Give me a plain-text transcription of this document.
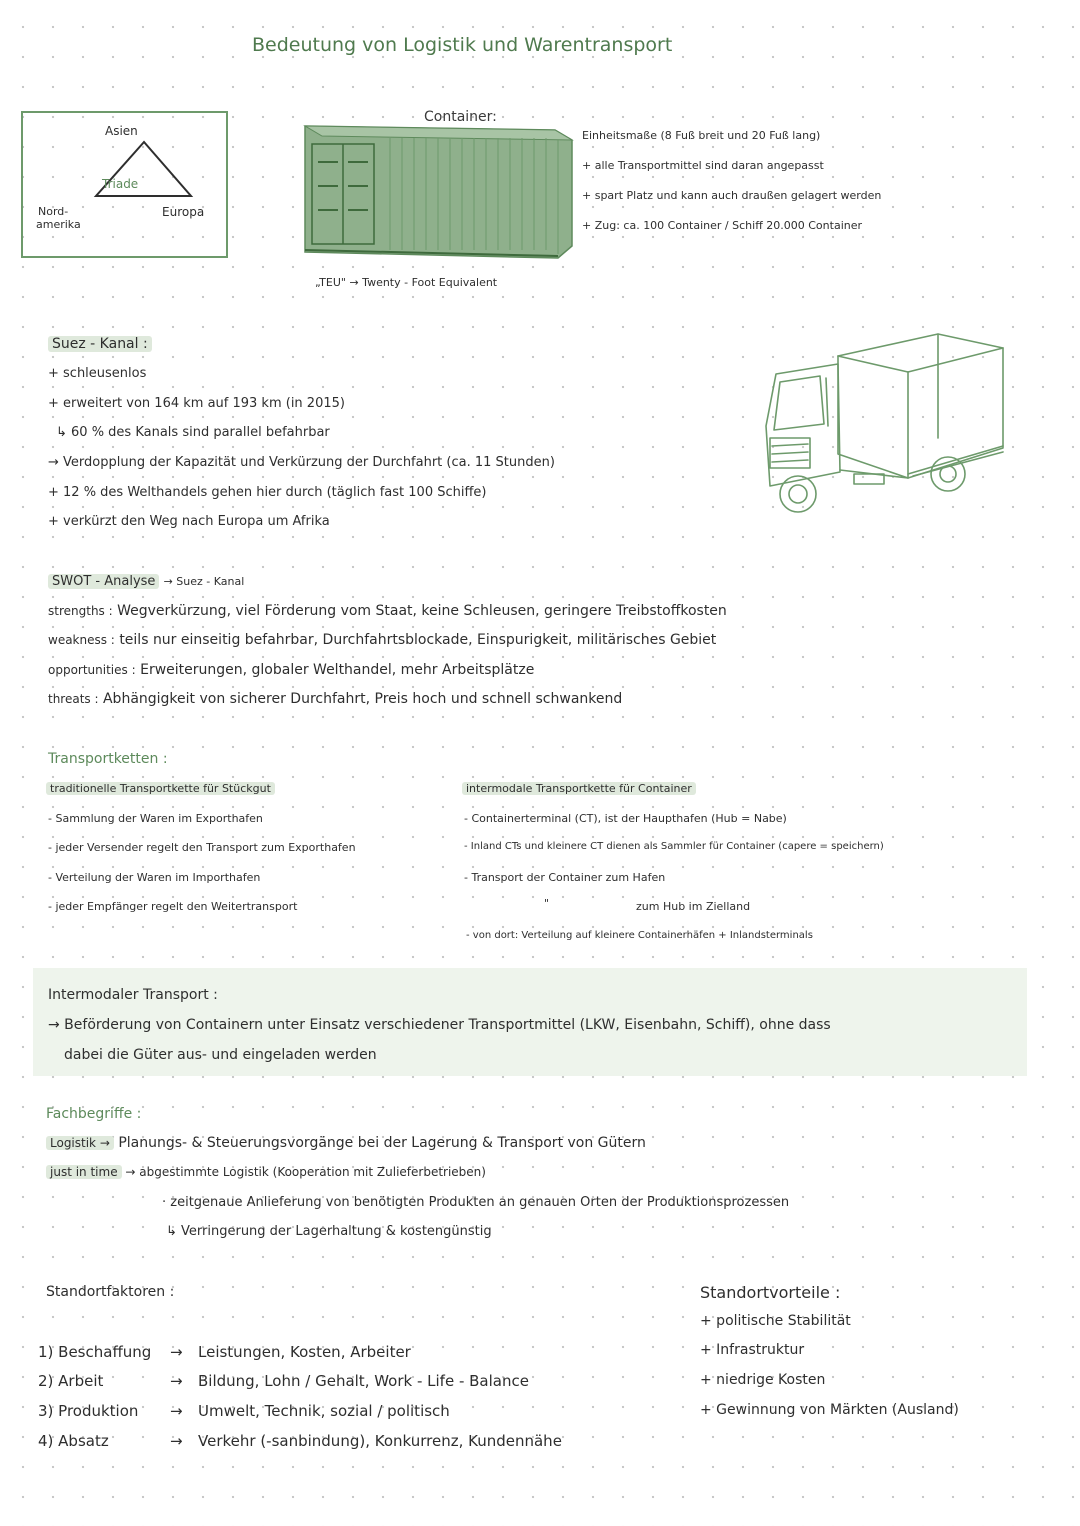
Bedeutung von Logistik und Warentransport
Asien
Triade
Nord-
amerika
Europa
Container:
„TEU" → Twenty - Foot Equivalent
Einheitsmaße (8 Fuß breit und 20 Fuß lang)
+ alle Transportmittel sind daran angepasst
+ spart Platz und kann auch draußen gelagert werden
+ Zug: ca. 100 Container / Schiff 20.000 Container
Suez - Kanal :
+ schleusenlos
+ erweitert von 164 km auf 193 km (in 2015)
↳ 60 % des Kanals sind parallel befahrbar
→ Verdopplung der Kapazität und Verkürzung der Durchfahrt (ca. 11 Stunden)
+ 12 % des Welthandels gehen hier durch (täglich fast 100 Schiffe)
+ verkürzt den Weg nach Europa um Afrika
SWOT - Analyse → Suez - Kanal
strengths : Wegverkürzung, viel Förderung vom Staat, keine Schleusen, geringere Treibstoffkosten
weakness : teils nur einseitig befahrbar, Durchfahrtsblockade, Einspurigkeit, militärisches Gebiet
opportunities : Erweiterungen, globaler Welthandel, mehr Arbeitsplätze
threats : Abhängigkeit von sicherer Durchfahrt, Preis hoch und schnell schwankend
Transportketten :
traditionelle Transportkette für Stückgut
- Sammlung der Waren im Exporthafen
- jeder Versender regelt den Transport zum Exporthafen
- Verteilung der Waren im Importhafen
- jeder Empfänger regelt den Weitertransport
intermodale Transportkette für Container
- Containerterminal (CT), ist der Haupthafen (Hub = Nabe)
- Inland CTs und kleinere CT dienen als Sammler für Container (capere = speichern)
- Transport der Container zum Hafen
"	zum Hub im Zielland
- von dort: Verteilung auf kleinere Containerhäfen + Inlandsterminals
Intermodaler Transport :
→ Beförderung von Containern unter Einsatz verschiedener Transportmittel (LKW, Eisenbahn, Schiff), ohne dass
dabei die Güter aus- und eingeladen werden
Fachbegriffe :
Logistik → Planungs- & Steuerungsvorgänge bei der Lagerung & Transport von Gütern
just in time → abgestimmte Logistik (Kooperation mit Zulieferbetrieben)
· zeitgenaue Anlieferung von benötigten Produkten an genauen Orten der Produktionsprozessen
↳ Verringerung der Lagerhaltung & kostengünstig
Standortfaktoren :
1) Beschaffung → Leistungen, Kosten, Arbeiter
2) Arbeit	→ Bildung, Lohn / Gehalt, Work - Life - Balance
3) Produktion → Umwelt, Technik, sozial / politisch
4) Absatz	→ Verkehr (-sanbindung), Konkurrenz, Kundennähe
Standortvorteile :
+ politische Stabilität
+ Infrastruktur
+ niedrige Kosten
+ Gewinnung von Märkten (Ausland)
